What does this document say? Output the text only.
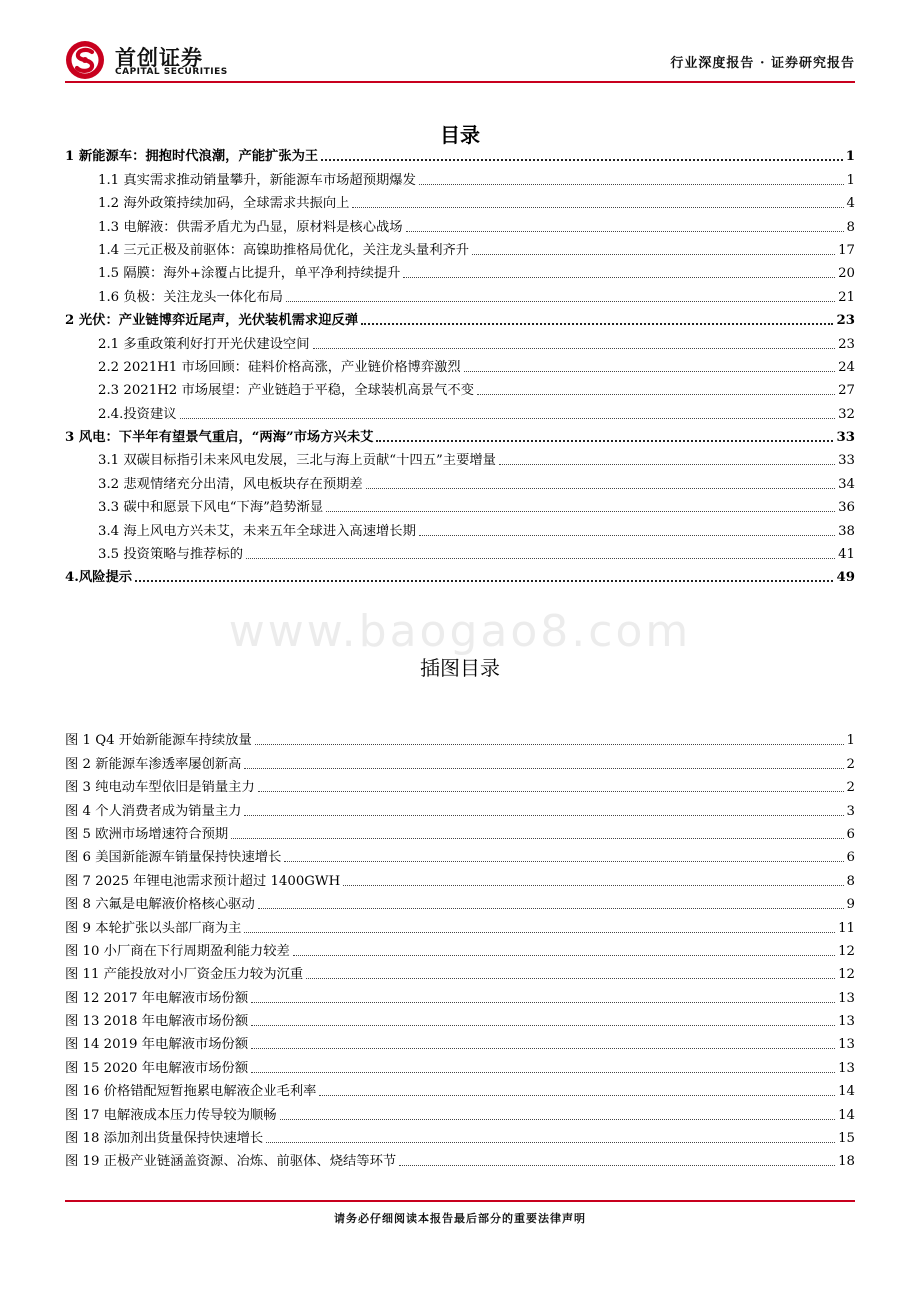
首创证券
CAPITAL SECURITIES
行业深度报告 · 证券研究报告
目录
1 新能源车：拥抱时代浪潮，产能扩张为王	1
1.1 真实需求推动销量攀升，新能源车市场超预期爆发	1
1.2 海外政策持续加码，全球需求共振向上	4
1.3 电解液：供需矛盾尤为凸显，原材料是核心战场	8
1.4 三元正极及前驱体：高镍助推格局优化，关注龙头量利齐升	17
1.5 隔膜：海外+涂覆占比提升，单平净利持续提升	20
1.6 负极：关注龙头一体化布局	21
2 光伏：产业链博弈近尾声，光伏装机需求迎反弹	23
2.1 多重政策利好打开光伏建设空间	23
2.2 2021H1 市场回顾：硅料价格高涨，产业链价格博弈激烈	24
2.3 2021H2 市场展望：产业链趋于平稳，全球装机高景气不变	27
2.4.投资建议	32
3 风电：下半年有望景气重启，“两海”市场方兴未艾	33
3.1 双碳目标指引未来风电发展，三北与海上贡献“十四五”主要增量	33
3.2 悲观情绪充分出清，风电板块存在预期差	34
3.3 碳中和愿景下风电“下海”趋势渐显	36
3.4 海上风电方兴未艾，未来五年全球进入高速增长期	38
3.5 投资策略与推荐标的	41
4.风险提示	49
www.baogao8.com
插图目录
图 1 Q4 开始新能源车持续放量	1
图 2 新能源车渗透率屡创新高	2
图 3 纯电动车型依旧是销量主力	2
图 4 个人消费者成为销量主力	3
图 5 欧洲市场增速符合预期	6
图 6 美国新能源车销量保持快速增长	6
图 7 2025 年锂电池需求预计超过 1400GWH	8
图 8 六氟是电解液价格核心驱动	9
图 9 本轮扩张以头部厂商为主	11
图 10 小厂商在下行周期盈利能力较差	12
图 11 产能投放对小厂资金压力较为沉重	12
图 12 2017 年电解液市场份额	13
图 13 2018 年电解液市场份额	13
图 14 2019 年电解液市场份额	13
图 15 2020 年电解液市场份额	13
图 16 价格错配短暂拖累电解液企业毛利率	14
图 17 电解液成本压力传导较为顺畅	14
图 18 添加剂出货量保持快速增长	15
图 19 正极产业链涵盖资源、冶炼、前驱体、烧结等环节	18
请务必仔细阅读本报告最后部分的重要法律声明
